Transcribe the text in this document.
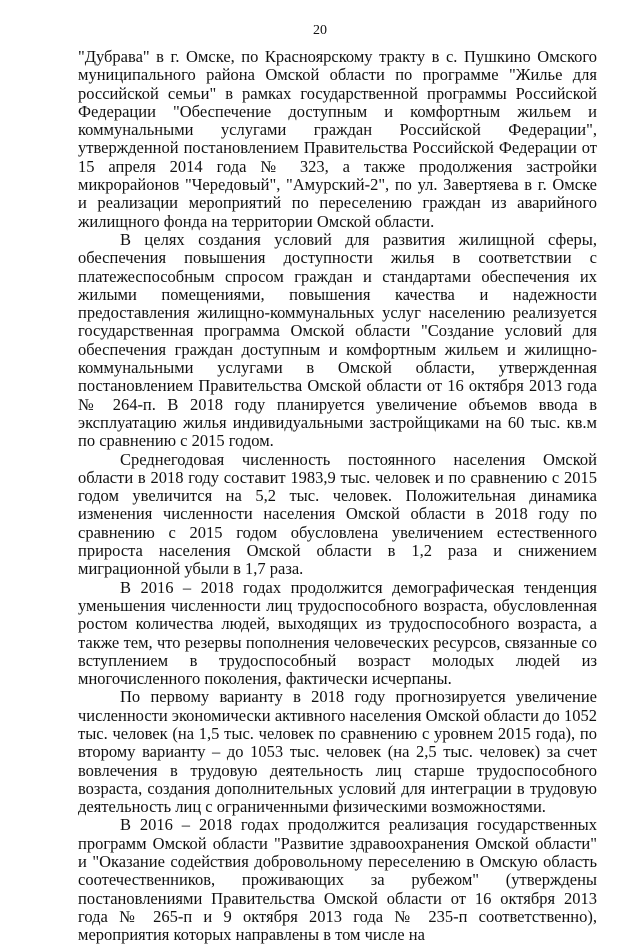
20

"Дубрава" в г. Омске, по Красноярскому тракту в с. Пушкино Омского муниципального района Омской области по программе "Жилье для российской семьи" в рамках государственной программы Российской Федерации "Обеспечение доступным и комфортным жильем и коммунальными услугами граждан Российской Федерации", утвержденной постановлением Правительства Российской Федерации от 15 апреля 2014 года № 323, а также продолжения застройки микрорайонов "Чередовый", "Амурский-2", по ул. Завертяева в г. Омске и реализации мероприятий по переселению граждан из аварийного жилищного фонда на территории Омской области.

В целях создания условий для развития жилищной сферы, обеспечения повышения доступности жилья в соответствии с платежеспособным спросом граждан и стандартами обеспечения их жилыми помещениями, повышения качества и надежности предоставления жилищно-коммунальных услуг населению реализуется государственная программа Омской области "Создание условий для обеспечения граждан доступным и комфортным жильем и жилищно-коммунальными услугами в Омской области, утвержденная постановлением Правительства Омской области от 16 октября 2013 года № 264-п. В 2018 году планируется увеличение объемов ввода в эксплуатацию жилья индивидуальными застройщиками на 60 тыс. кв.м по сравнению с 2015 годом.

Среднегодовая численность постоянного населения Омской области в 2018 году составит 1983,9 тыс. человек и по сравнению с 2015 годом увеличится на 5,2 тыс. человек. Положительная динамика изменения численности населения Омской области в 2018 году по сравнению с 2015 годом обусловлена увеличением естественного прироста населения Омской области в 1,2 раза и снижением миграционной убыли в 1,7 раза.

В 2016 – 2018 годах продолжится демографическая тенденция уменьшения численности лиц трудоспособного возраста, обусловленная ростом количества людей, выходящих из трудоспособного возраста, а также тем, что резервы пополнения человеческих ресурсов, связанные со вступлением в трудоспособный возраст молодых людей из многочисленного поколения, фактически исчерпаны.

По первому варианту в 2018 году прогнозируется увеличение численности экономически активного населения Омской области до 1052 тыс. человек (на 1,5 тыс. человек по сравнению с уровнем 2015 года), по второму варианту – до 1053 тыс. человек (на 2,5 тыс. человек) за счет вовлечения в трудовую деятельность лиц старше трудоспособного возраста, создания дополнительных условий для интеграции в трудовую деятельность лиц с ограниченными физическими возможностями.

В 2016 – 2018 годах продолжится реализация государственных программ Омской области "Развитие здравоохранения Омской области" и "Оказание содействия добровольному переселению в Омскую область соотечественников, проживающих за рубежом" (утверждены постановлениями Правительства Омской области от 16 октября 2013 года № 265-п и 9 октября 2013 года № 235-п соответственно), мероприятия которых направлены в том числе на
